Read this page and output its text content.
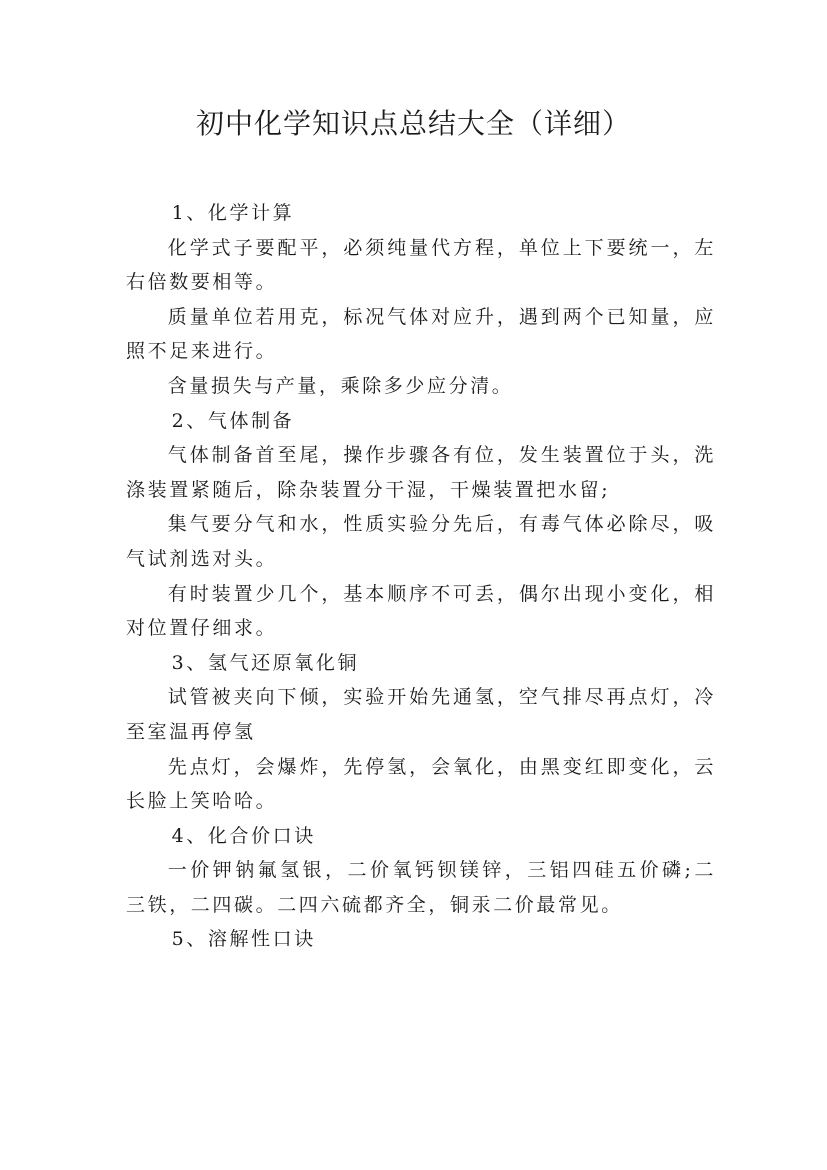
初中化学知识点总结大全（详细）

1、化学计算

化学式子要配平，必须纯量代方程，单位上下要统一，左右倍数要相等。

质量单位若用克，标况气体对应升，遇到两个已知量，应照不足来进行。

含量损失与产量，乘除多少应分清。

2、气体制备

气体制备首至尾，操作步骤各有位，发生装置位于头，洗涤装置紧随后，除杂装置分干湿，干燥装置把水留;

集气要分气和水，性质实验分先后，有毒气体必除尽，吸气试剂选对头。

有时装置少几个，基本顺序不可丢，偶尔出现小变化，相对位置仔细求。

3、氢气还原氧化铜

试管被夹向下倾，实验开始先通氢，空气排尽再点灯，冷至室温再停氢

先点灯，会爆炸，先停氢，会氧化，由黑变红即变化，云长脸上笑哈哈。

4、化合价口诀

一价钾钠氟氢银，二价氧钙钡镁锌，三铝四硅五价磷;二三铁，二四碳。二四六硫都齐全，铜汞二价最常见。

5、溶解性口诀
